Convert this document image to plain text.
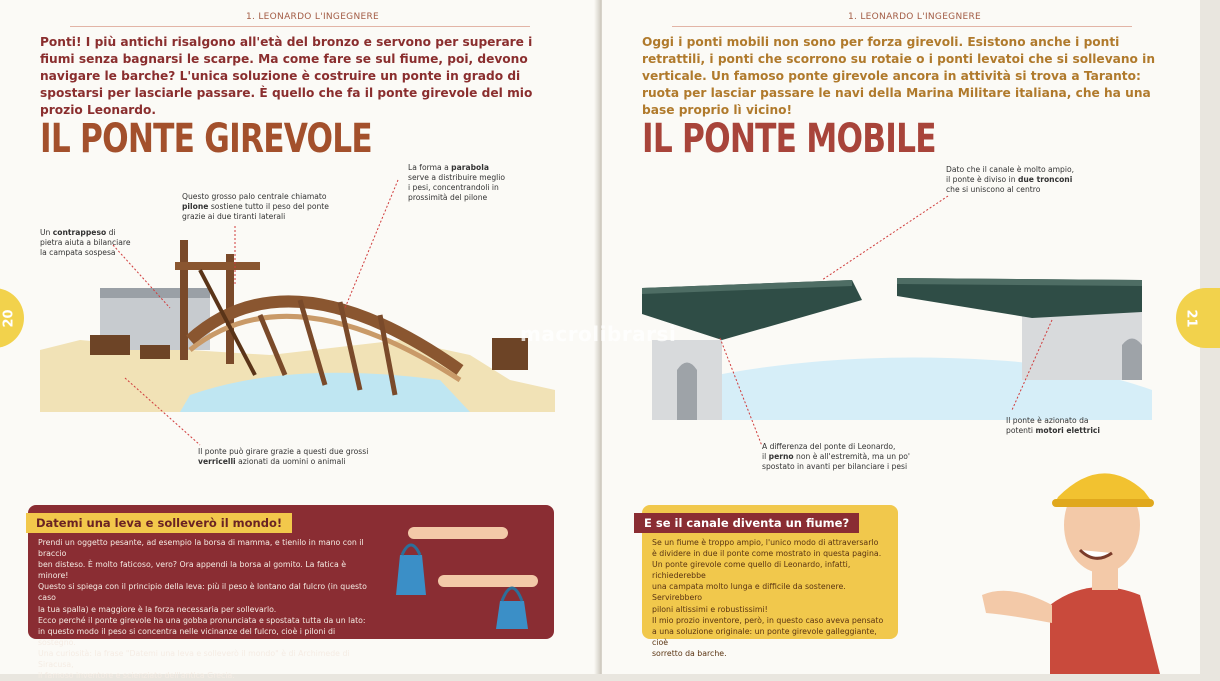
1. LEONARDO L'INGEGNERE

Ponti! I più antichi risalgono all'età del bronzo e servono per superare i fiumi senza bagnarsi le scarpe. Ma come fare se sul fiume, poi, devono navigare le barche? L'unica soluzione è costruire un ponte in grado di spostarsi per lasciarle passare. È quello che fa il ponte girevole del mio prozio Leonardo.

IL PONTE GIREVOLE
20
Un contrappeso di
pietra aiuta a bilanciare
la campata sospesa
Questo grosso palo centrale chiamato
pilone sostiene tutto il peso del ponte
grazie ai due tiranti laterali
La forma a parabola
serve a distribuire meglio
i pesi, concentrandoli in
prossimità del pilone
Il ponte può girare grazie a questi due grossi
verricelli azionati da uomini o animali
Datemi una leva e solleverò il mondo!
Prendi un oggetto pesante, ad esempio la borsa di mamma, e tienilo in mano con il braccio
ben disteso. È molto faticoso, vero? Ora appendi la borsa al gomito. La fatica è minore!
Questo si spiega con il principio della leva: più il peso è lontano dal fulcro (in questo caso
la tua spalla) e maggiore è la forza necessaria per sollevarlo.
Ecco perché il ponte girevole ha una gobba pronunciata e spostata tutta da un lato:
in questo modo il peso si concentra nelle vicinanze del fulcro, cioè i piloni di sostegno.
Una curiosità: la frase "Datemi una leva e solleverò il mondo" è di Archimede di Siracusa,
il famoso inventore e scienziato dell'antica Grecia.
1. LEONARDO L'INGEGNERE

Oggi i ponti mobili non sono per forza girevoli. Esistono anche i ponti retrattili, i ponti che scorrono su rotaie o i ponti levatoi che si sollevano in verticale. Un famoso ponte girevole ancora in attività si trova a Taranto: ruota per lasciar passare le navi della Marina Militare italiana, che ha una base proprio lì vicino!

IL PONTE MOBILE
21
Dato che il canale è molto ampio,
il ponte è diviso in due tronconi
che si uniscono al centro
A differenza del ponte di Leonardo,
il perno non è all'estremità, ma un po'
spostato in avanti per bilanciare i pesi
Il ponte è azionato da
potenti motori elettrici
E se il canale diventa un fiume?
Se un fiume è troppo ampio, l'unico modo di attraversarlo
è dividere in due il ponte come mostrato in questa pagina.
Un ponte girevole come quello di Leonardo, infatti, richiederebbe
una campata molto lunga e difficile da sostenere. Servirebbero
piloni altissimi e robustissimi!
Il mio prozio inventore, però, in questo caso aveva pensato
a una soluzione originale: un ponte girevole galleggiante, cioè
sorretto da barche.
macrolibrarsi
